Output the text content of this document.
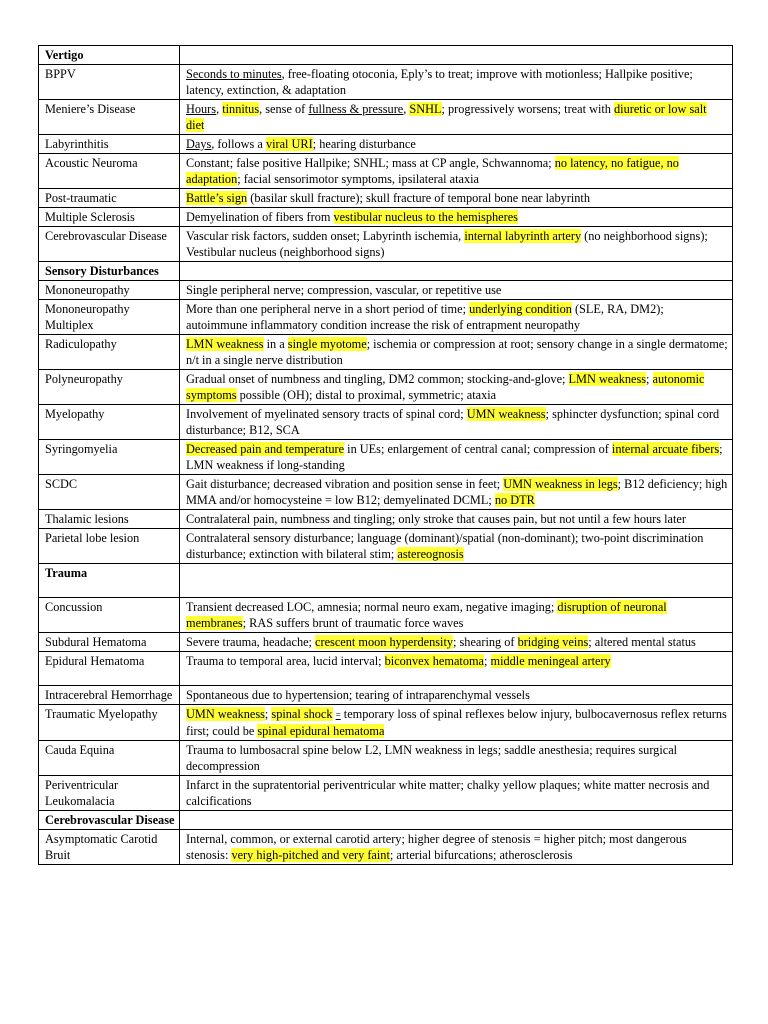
Vertigo	
BPPV	Seconds to minutes, free-floating otoconia, Eply’s to treat; improve with motionless; Hallpike positive; latency, extinction, & adaptation
Meniere’s Disease	Hours, tinnitus, sense of fullness & pressure, SNHL; progressively worsens; treat with diuretic or low salt diet
Labyrinthitis	Days, follows a viral URI; hearing disturbance
Acoustic Neuroma	Constant; false positive Hallpike; SNHL; mass at CP angle, Schwannoma; no latency, no fatigue, no adaptation; facial sensorimotor symptoms, ipsilateral ataxia
Post-traumatic	Battle’s sign (basilar skull fracture); skull fracture of temporal bone near labyrinth
Multiple Sclerosis	Demyelination of fibers from vestibular nucleus to the hemispheres
Cerebrovascular Disease	Vascular risk factors, sudden onset; Labyrinth ischemia, internal labyrinth artery (no neighborhood signs); Vestibular nucleus (neighborhood signs)
Sensory Disturbances	
Mononeuropathy	Single peripheral nerve; compression, vascular, or repetitive use
Mononeuropathy Multiplex	More than one peripheral nerve in a short period of time; underlying condition (SLE, RA, DM2); autoimmune inflammatory condition increase the risk of entrapment neuropathy
Radiculopathy	LMN weakness in a single myotome; ischemia or compression at root; sensory change in a single dermatome; n/t in a single nerve distribution
Polyneuropathy	Gradual onset of numbness and tingling, DM2 common; stocking-and-glove; LMN weakness; autonomic symptoms possible (OH); distal to proximal, symmetric; ataxia
Myelopathy	Involvement of myelinated sensory tracts of spinal cord; UMN weakness; sphincter dysfunction; spinal cord disturbance; B12, SCA
Syringomyelia	Decreased pain and temperature in UEs; enlargement of central canal; compression of internal arcuate fibers; LMN weakness if long-standing
SCDC	Gait disturbance; decreased vibration and position sense in feet; UMN weakness in legs; B12 deficiency; high MMA and/or homocysteine = low B12; demyelinated DCML; no DTR
Thalamic lesions	Contralateral pain, numbness and tingling; only stroke that causes pain, but not until a few hours later
Parietal lobe lesion	Contralateral sensory disturbance; language (dominant)/spatial (non-dominant); two-point discrimination disturbance; extinction with bilateral stim; astereognosis
Trauma	
Concussion	Transient decreased LOC, amnesia; normal neuro exam, negative imaging; disruption of neuronal membranes; RAS suffers brunt of traumatic force waves
Subdural Hematoma	Severe trauma, headache; crescent moon hyperdensity; shearing of bridging veins; altered mental status
Epidural Hematoma	Trauma to temporal area, lucid interval; biconvex hematoma; middle meningeal artery
Intracerebral Hemorrhage	Spontaneous due to hypertension; tearing of intraparenchymal vessels
Traumatic Myelopathy	UMN weakness; spinal shock = temporary loss of spinal reflexes below injury, bulbocavernosus reflex returns first; could be spinal epidural hematoma
Cauda Equina	Trauma to lumbosacral spine below L2, LMN weakness in legs; saddle anesthesia; requires surgical decompression
Periventricular Leukomalacia	Infarct in the supratentorial periventricular white matter; chalky yellow plaques; white matter necrosis and calcifications
Cerebrovascular Disease	
Asymptomatic Carotid Bruit	Internal, common, or external carotid artery; higher degree of stenosis = higher pitch; most dangerous stenosis: very high-pitched and very faint; arterial bifurcations; atherosclerosis
